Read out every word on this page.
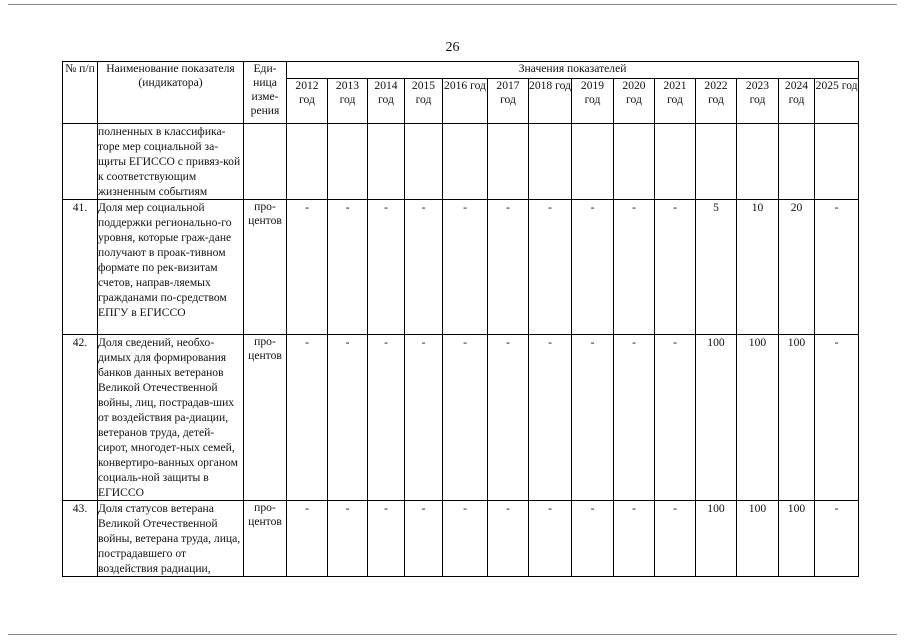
26
№ п/п	Наименование показателя (индикатора)	Еди-ница изме-рения	Значения показателей													
			2012 год	2013 год	2014 год	2015 год	2016 год	2017 год	2018 год	2019 год	2020 год	2021 год	2022 год	2023 год	2024 год	2025 год
	полненных в классифика-торе мер социальной за-щиты ЕГИССО с привяз-кой к соответствующим жизненным событиям															
41.	Доля мер социальной поддержки регионально-го уровня, которые граж-дане получают в проак-тивном формате по рек-визитам счетов, направ-ляемых гражданами по-средством ЕПГУ в ЕГИССО	про-центов	-	-	-	-	-	-	-	-	-	-	5	10	20	-
42.	Доля сведений, необхо-димых для формирования банков данных ветеранов Великой Отечественной войны, лиц, пострадав-ших от воздействия ра-диации, ветеранов труда, детей-сирот, многодет-ных семей, конвертиро-ванных органом социаль-ной защиты в ЕГИССО	про-центов	-	-	-	-	-	-	-	-	-	-	100	100	100	-
43.	Доля статусов ветерана Великой Отечественной войны, ветерана труда, лица, пострадавшего от воздействия радиации,	про-центов	-	-	-	-	-	-	-	-	-	-	100	100	100	-
